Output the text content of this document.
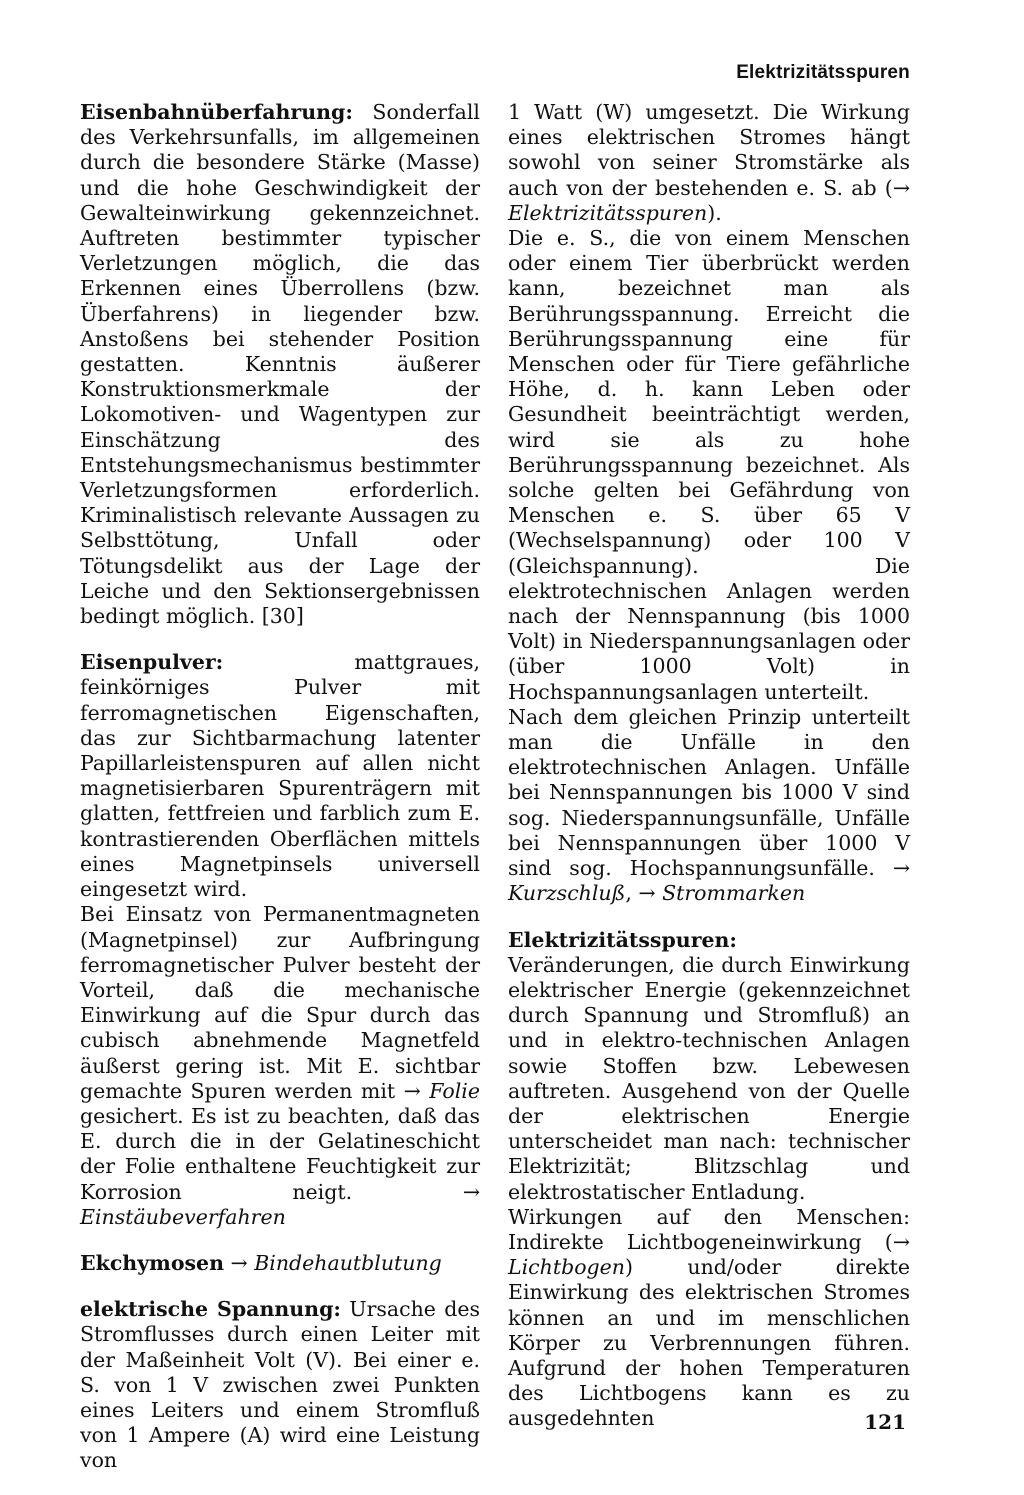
Elektrizitätsspuren

Eisenbahnüberfahrung: Sonderfall des Verkehrsunfalls, im allgemeinen durch die besondere Stärke (Masse) und die hohe Geschwindigkeit der Gewalteinwirkung gekennzeichnet. Auftreten bestimmter typischer Verletzungen möglich, die das Erkennen eines Überrollens (bzw. Überfahrens) in liegender bzw. Anstoßens bei stehender Position gestatten. Kenntnis äußerer Konstruktionsmerkmale der Lokomotiven- und Wagentypen zur Einschätzung des Entstehungsmechanismus bestimmter Verletzungsformen erforderlich. Kriminalistisch relevante Aussagen zu Selbsttötung, Unfall oder Tötungsdelikt aus der Lage der Leiche und den Sektionsergebnissen bedingt möglich. [30]

Eisenpulver: mattgraues, feinkörniges Pulver mit ferromagnetischen Eigenschaften, das zur Sichtbarmachung latenter Papillarleistenspuren auf allen nicht magnetisierbaren Spurenträgern mit glatten, fettfreien und farblich zum E. kontrastierenden Oberflächen mittels eines Magnetpinsels universell eingesetzt wird.

Bei Einsatz von Permanentmagneten (Magnetpinsel) zur Aufbringung ferromagnetischer Pulver besteht der Vorteil, daß die mechanische Einwirkung auf die Spur durch das cubisch abnehmende Magnetfeld äußerst gering ist. Mit E. sichtbar gemachte Spuren werden mit → Folie gesichert. Es ist zu beachten, daß das E. durch die in der Gelatineschicht der Folie enthaltene Feuchtigkeit zur Korrosion neigt. → Einstäubeverfahren

Ekchymosen → Bindehautblutung

elektrische Spannung: Ursache des Stromflusses durch einen Leiter mit der Maßeinheit Volt (V). Bei einer e. S. von 1 V zwischen zwei Punkten eines Leiters und einem Stromfluß von 1 Ampere (A) wird eine Leistung von

1 Watt (W) umgesetzt. Die Wirkung eines elektrischen Stromes hängt sowohl von seiner Stromstärke als auch von der bestehenden e. S. ab (→ Elektrizitätsspuren).

Die e. S., die von einem Menschen oder einem Tier überbrückt werden kann, bezeichnet man als Berührungsspannung. Erreicht die Berührungsspannung eine für Menschen oder für Tiere gefährliche Höhe, d. h. kann Leben oder Gesundheit beeinträchtigt werden, wird sie als zu hohe Berührungsspannung bezeichnet. Als solche gelten bei Gefährdung von Menschen e. S. über 65 V (Wechselspannung) oder 100 V (Gleichspannung). Die elektrotechnischen Anlagen werden nach der Nennspannung (bis 1000 Volt) in Niederspannungsanlagen oder (über 1000 Volt) in Hochspannungsanlagen unterteilt.

Nach dem gleichen Prinzip unterteilt man die Unfälle in den elektrotechnischen Anlagen. Unfälle bei Nennspannungen bis 1000 V sind sog. Niederspannungsunfälle, Unfälle bei Nennspannungen über 1000 V sind sog. Hochspannungsunfälle. → Kurzschluß, → Strommarken

Elektrizitätsspuren: Veränderungen, die durch Einwirkung elektrischer Energie (gekennzeichnet durch Spannung und Stromfluß) an und in elektro-technischen Anlagen sowie Stoffen bzw. Lebewesen auftreten. Ausgehend von der Quelle der elektrischen Energie unterscheidet man nach: technischer Elektrizität; Blitzschlag und elektrostatischer Entladung.

Wirkungen auf den Menschen: Indirekte Lichtbogeneinwirkung (→ Lichtbogen) und/oder direkte Einwirkung des elektrischen Stromes können an und im menschlichen Körper zu Verbrennungen führen. Aufgrund der hohen Temperaturen des Lichtbogens kann es zu ausgedehnten	121
